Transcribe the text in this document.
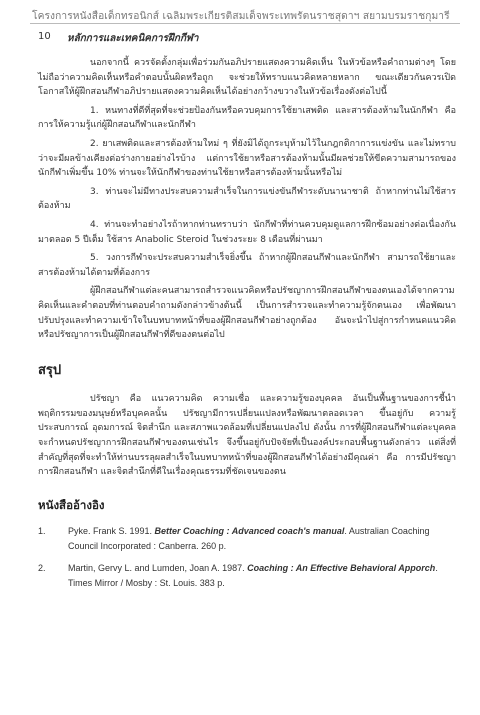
โครงการหนังสือเด็กทรอนิกส์ เฉลิมพระเกียรติสมเด็จพระเทพรัตนราชสุดาฯ สยามบรมราชกุมารี
10 หลักการและเทคนิคการฝึกกีฬา

นอกจากนี้ ควรจัดตั้งกลุ่มเพื่อร่วมกันอภิปรายแสดงความคิดเห็น ในหัวข้อหรือคำถามต่างๆ โดยไม่ถือว่าความคิดเห็นหรือคำตอบนั้นผิดหรือถูก จะช่วยให้ทราบแนวคิดหลายหลาก ขณะเดียวกันควรเปิดโอกาสให้ผู้ฝึกสอนกีฬาอภิปรายแสดงความคิดเห็นได้อย่างกว้างขวางในหัวข้อเรื่องดังต่อไปนี้

1. หนทางที่ดีที่สุดที่จะช่วยป้องกันหรือควบคุมการใช้ยาเสพติด และสารต้องห้ามในนักกีฬา คือการให้ความรู้แก่ผู้ฝึกสอนกีฬาและนักกีฬา

2. ยาเสพติดและสารต้องห้ามใหม่ ๆ ที่ยังมิได้ถูกระบุห้ามไว้ในกฎกติกาการแข่งขัน และไม่ทราบว่าจะมีผลข้างเคียงต่อร่างกายอย่างไรบ้าง แต่การใช้ยาหรือสารต้องห้ามนั้นมีผลช่วยให้ขีดความสามารถของนักกีฬาเพิ่มขึ้น 10% ท่านจะให้นักกีฬาของท่านใช้ยาหรือสารต้องห้ามนั้นหรือไม่

3. ท่านจะไม่มีทางประสบความสำเร็จในการแข่งขันกีฬาระดับนานาชาติ ถ้าหากท่านไม่ใช้สารต้องห้าม

4. ท่านจะทำอย่างไรถ้าหากท่านทราบว่า นักกีฬาที่ท่านควบคุมดูแลการฝึกซ้อมอย่างต่อเนื่องกันมาตลอด 5 ปีเต็ม ใช้สาร Anabolic Steroid ในช่วงระยะ 8 เดือนที่ผ่านมา

5. วงการกีฬาจะประสบความสำเร็จยิ่งขึ้น ถ้าหากผู้ฝึกสอนกีฬาและนักกีฬา สามารถใช้ยาและสารต้องห้ามได้ตามที่ต้องการ

ผู้ฝึกสอนกีฬาแต่ละคนสามารถสำรวจแนวคิดหรือปรัชญาการฝึกสอนกีฬาของตนเองได้จากความคิดเห็นและคำตอบที่ท่านตอบคำถามดังกล่าวข้างต้นนี้ เป็นการสำรวจและทำความรู้จักตนเอง เพื่อพัฒนาปรับปรุงและทำความเข้าใจในบทบาทหน้าที่ของผู้ฝึกสอนกีฬาอย่างถูกต้อง อันจะนำไปสู่การกำหนดแนวคิดหรือปรัชญาการเป็นผู้ฝึกสอนกีฬาที่ดีของตนต่อไป

สรุป

ปรัชญา คือ แนวความคิด ความเชื่อ และความรู้ของบุคคล อันเป็นพื้นฐานของการชี้นำพฤติกรรมของมนุษย์หรือบุคคลนั้น ปรัชญามีการเปลี่ยนแปลงหรือพัฒนาตลอดเวลา ขึ้นอยู่กับ ความรู้ ประสบการณ์ อุดมการณ์ จิตสำนึก และสภาพแวดล้อมที่เปลี่ยนแปลงไป ดังนั้น การที่ผู้ฝึกสอนกีฬาแต่ละบุคคลจะกำหนดปรัชญาการฝึกสอนกีฬาของตนเช่นไร จึงขึ้นอยู่กับปัจจัยที่เป็นองค์ประกอบพื้นฐานดังกล่าว แต่สิ่งที่สำคัญที่สุดที่จะทำให้ท่านบรรลุผลสำเร็จในบทบาทหน้าที่ของผู้ฝึกสอนกีฬาได้อย่างมีคุณค่า คือ การมีปรัชญาการฝึกสอนกีฬา และจิตสำนึกที่ดีในเรื่องคุณธรรมที่ชัดเจนของตน

หนังสืออ้างอิง
1.	Pyke. Frank S. 1991. Better Coaching : Advanced coach's manual. Australian Coaching Council Incorporated : Canberra. 260 p.
2.	Martin, Gervy L. and Lumden, Joan A. 1987. Coaching : An Effective Behavioral Apporch. Times Mirror / Mosby : St. Louis. 383 p.
